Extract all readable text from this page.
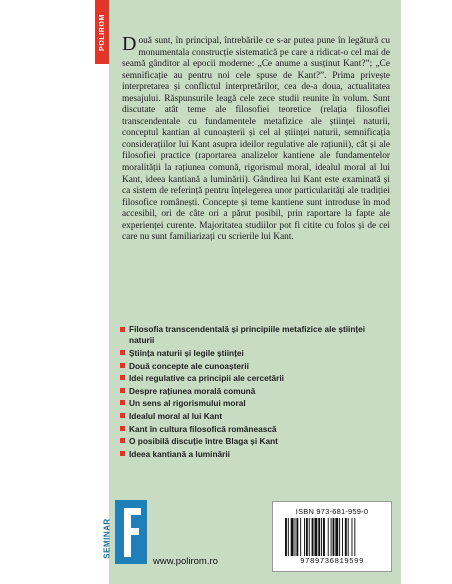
POLIROM Două sunt, în principal, întrebările ce s-ar putea pune în legătură cu monumentala construcție sistematică pe care a ridicat-o cel mai de seamă gânditor al epocii moderne: „Ce anume a susținut Kant?”; „Ce semnificație au pentru noi cele spuse de Kant?”. Prima privește interpretarea și conflictul interpretărilor, cea de-a doua, actualitatea mesajului. Răspunsurile leagă cele zece studii reunite în volum. Sunt discutate atât teme ale filosofiei teoretice (relația filosofiei transcendentale cu fundamentele metafizice ale științei naturii, conceptul kantian al cunoașterii și cel al științei naturii, semnificația considerațiilor lui Kant asupra ideilor regulative ale rațiunii), cât și ale filosofiei practice (raportarea analizelor kantiene ale fundamentelor moralității la rațiunea comună, rigorismul moral, idealul moral al lui Kant, ideea kantiană a luminării). Gândirea lui Kant este examinată și ca sistem de referință pentru înțelegerea unor particularități ale tradiției filosofice românești. Concepte și teme kantiene sunt introduse în mod accesibil, ori de câte ori a părut posibil, prin raportare la fapte ale experienței curente. Majoritatea studiilor pot fi citite cu folos și de cei care nu sunt familiarizați cu scrierile lui Kant.

Filosofia transcendentală și principiile metafizice ale științei naturii
Știința naturii și legile științei
Două concepte ale cunoașterii
Idei regulative ca principii ale cercetării
Despre rațiunea morală comună
Un sens al rigorismului moral
Idealul moral al lui Kant
Kant în cultura filosofică românească
O posibilă discuție între Blaga și Kant
Ideea kantiană a luminării
SEMINAR
www.polirom.ro
ISBN 973-681-959-0
9789736819599
